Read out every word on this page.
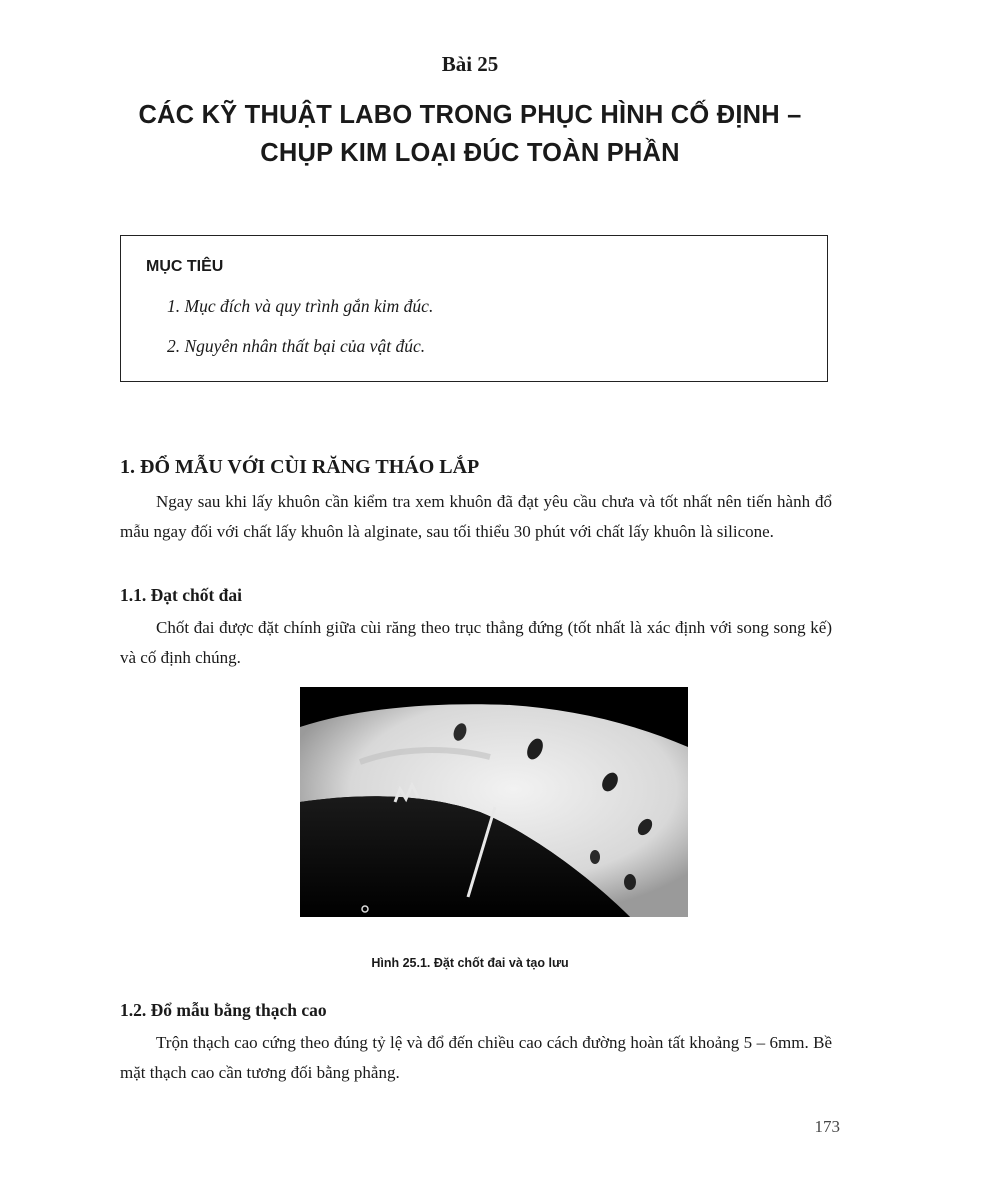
Bài 25
CÁC KỸ THUẬT LABO TRONG PHỤC HÌNH CỐ ĐỊNH –
CHỤP KIM LOẠI ĐÚC TOÀN PHẦN
MỤC TIÊU
1. Mục đích và quy trình gắn kim đúc.
2. Nguyên nhân thất bại của vật đúc.
1. ĐỔ MẪU VỚI CÙI RĂNG THÁO LẮP
Ngay sau khi lấy khuôn cần kiểm tra xem khuôn đã đạt yêu cầu chưa và tốt nhất nên tiến hành đổ mẫu ngay đối với chất lấy khuôn là alginate, sau tối thiểu 30 phút với chất lấy khuôn là silicone.
1.1. Đạt chốt đai
Chốt đai được đặt chính giữa cùi răng theo trục thẳng đứng (tốt nhất là xác định với song song kế) và cố định chúng.
Hình 25.1. Đặt chốt đai và tạo lưu
1.2. Đổ mẫu bằng thạch cao
Trộn thạch cao cứng theo đúng tỷ lệ và đổ đến chiều cao cách đường hoàn tất khoảng 5 – 6mm. Bề mặt thạch cao cần tương đối bằng phẳng.
173
